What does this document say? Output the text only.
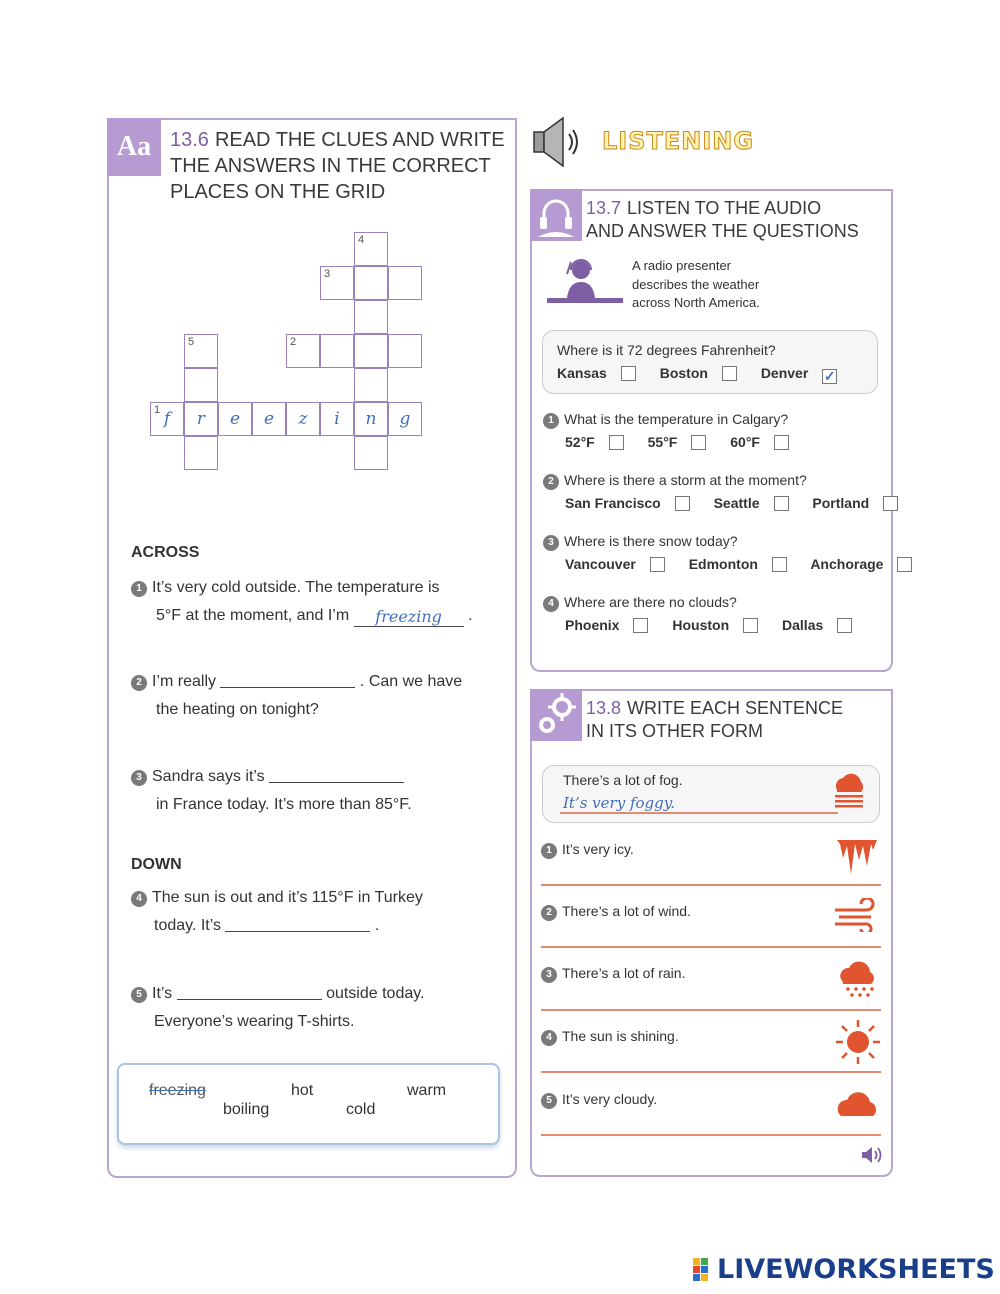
Aa 13.6 READ THE CLUES AND WRITE
THE ANSWERS IN THE CORRECT
PLACES ON THE GRID
4
3
2
5
1 f	r	e	e	z	i	n	g
ACROSS
1 It’s very cold outside. The temperature is
5°F at the moment, and I’m freezing .
2 I’m really	. Can we have
the heating on tonight?
3 Sandra says it’s
in France today. It’s more than 85°F.
DOWN
4 The sun is out and it’s 115°F in Turkey
today. It’s	.
5 It’s	outside today.
Everyone’s wearing T-shirts.
freezing	hot	warm
boiling	cold
LISTENING
13.7 LISTEN TO THE AUDIO
AND ANSWER THE QUESTIONS
A radio presenter
describes the weather
across North America.
Where is it 72 degrees Fahrenheit?
Kansas	Boston	Denver ✓
1 What is the temperature in Calgary?
52°F	55°F	60°F
2 Where is there a storm at the moment?
San Francisco	Seattle	Portland
3 Where is there snow today?
Vancouver	Edmonton	Anchorage
4 Where are there no clouds?
Phoenix	Houston	Dallas
13.8 WRITE EACH SENTENCE
IN ITS OTHER FORM
There’s a lot of fog.
It’s very foggy.
1 It’s very icy.
2 There’s a lot of wind.
3 There’s a lot of rain.
4 The sun is shining.
5 It’s very cloudy.
LIVEWORKSHEETS
